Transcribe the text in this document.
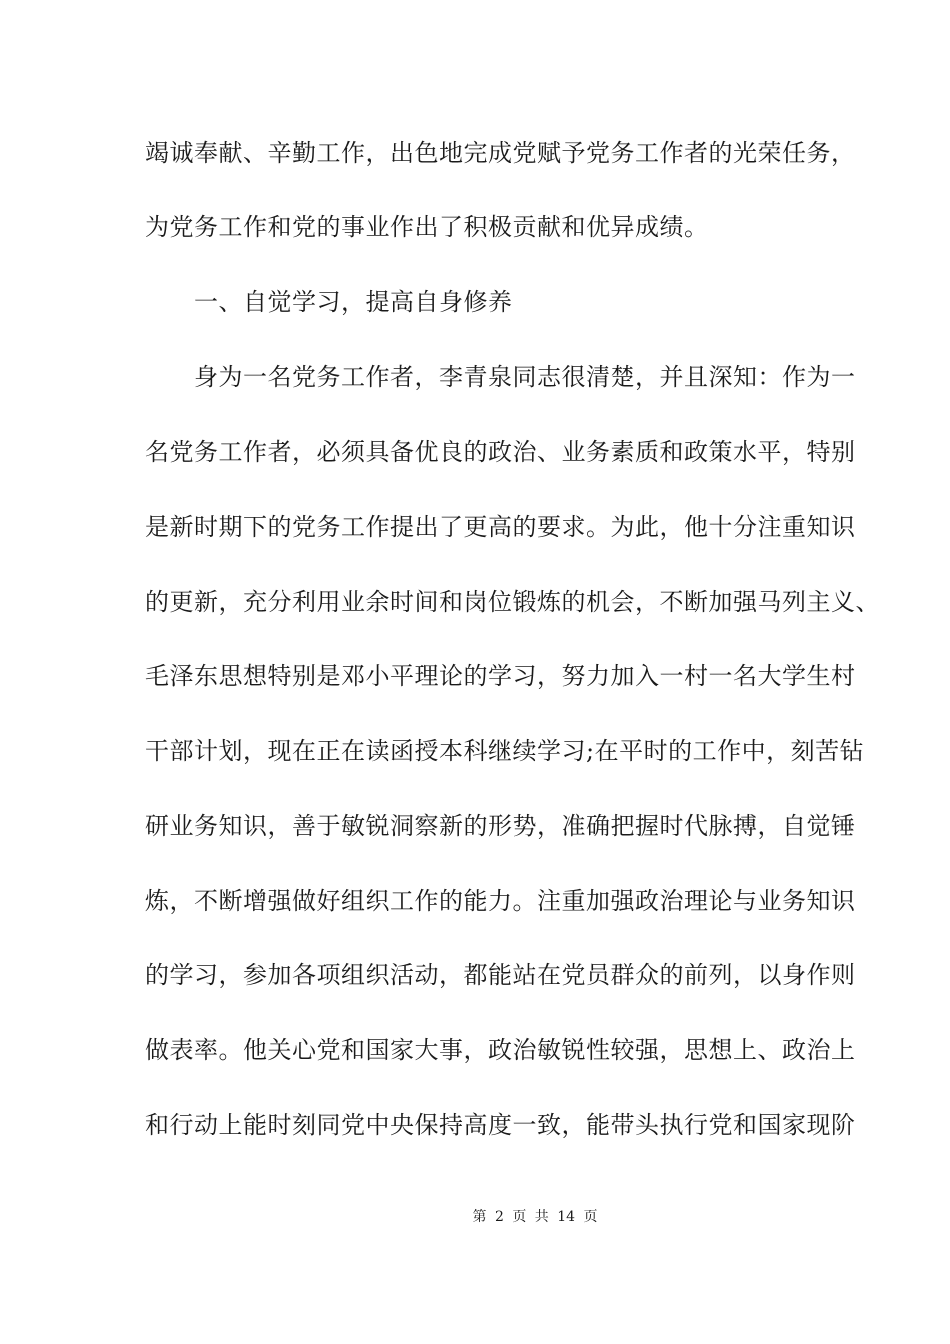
竭诚奉献、辛勤工作，出色地完成党赋予党务工作者的光荣任务，
为党务工作和党的事业作出了积极贡献和优异成绩。
　　一、自觉学习，提高自身修养
　　身为一名党务工作者，李青泉同志很清楚，并且深知：作为一
名党务工作者，必须具备优良的政治、业务素质和政策水平，特别
是新时期下的党务工作提出了更高的要求。为此，他十分注重知识
的更新，充分利用业余时间和岗位锻炼的机会，不断加强马列主义、
毛泽东思想特别是邓小平理论的学习，努力加入一村一名大学生村
干部计划，现在正在读函授本科继续学习;在平时的工作中，刻苦钻
研业务知识，善于敏锐洞察新的形势，准确把握时代脉搏，自觉锤
炼，不断增强做好组织工作的能力。注重加强政治理论与业务知识
的学习，参加各项组织活动，都能站在党员群众的前列，以身作则
做表率。他关心党和国家大事，政治敏锐性较强，思想上、政治上
和行动上能时刻同党中央保持高度一致，能带头执行党和国家现阶
第 2 页 共 14 页
